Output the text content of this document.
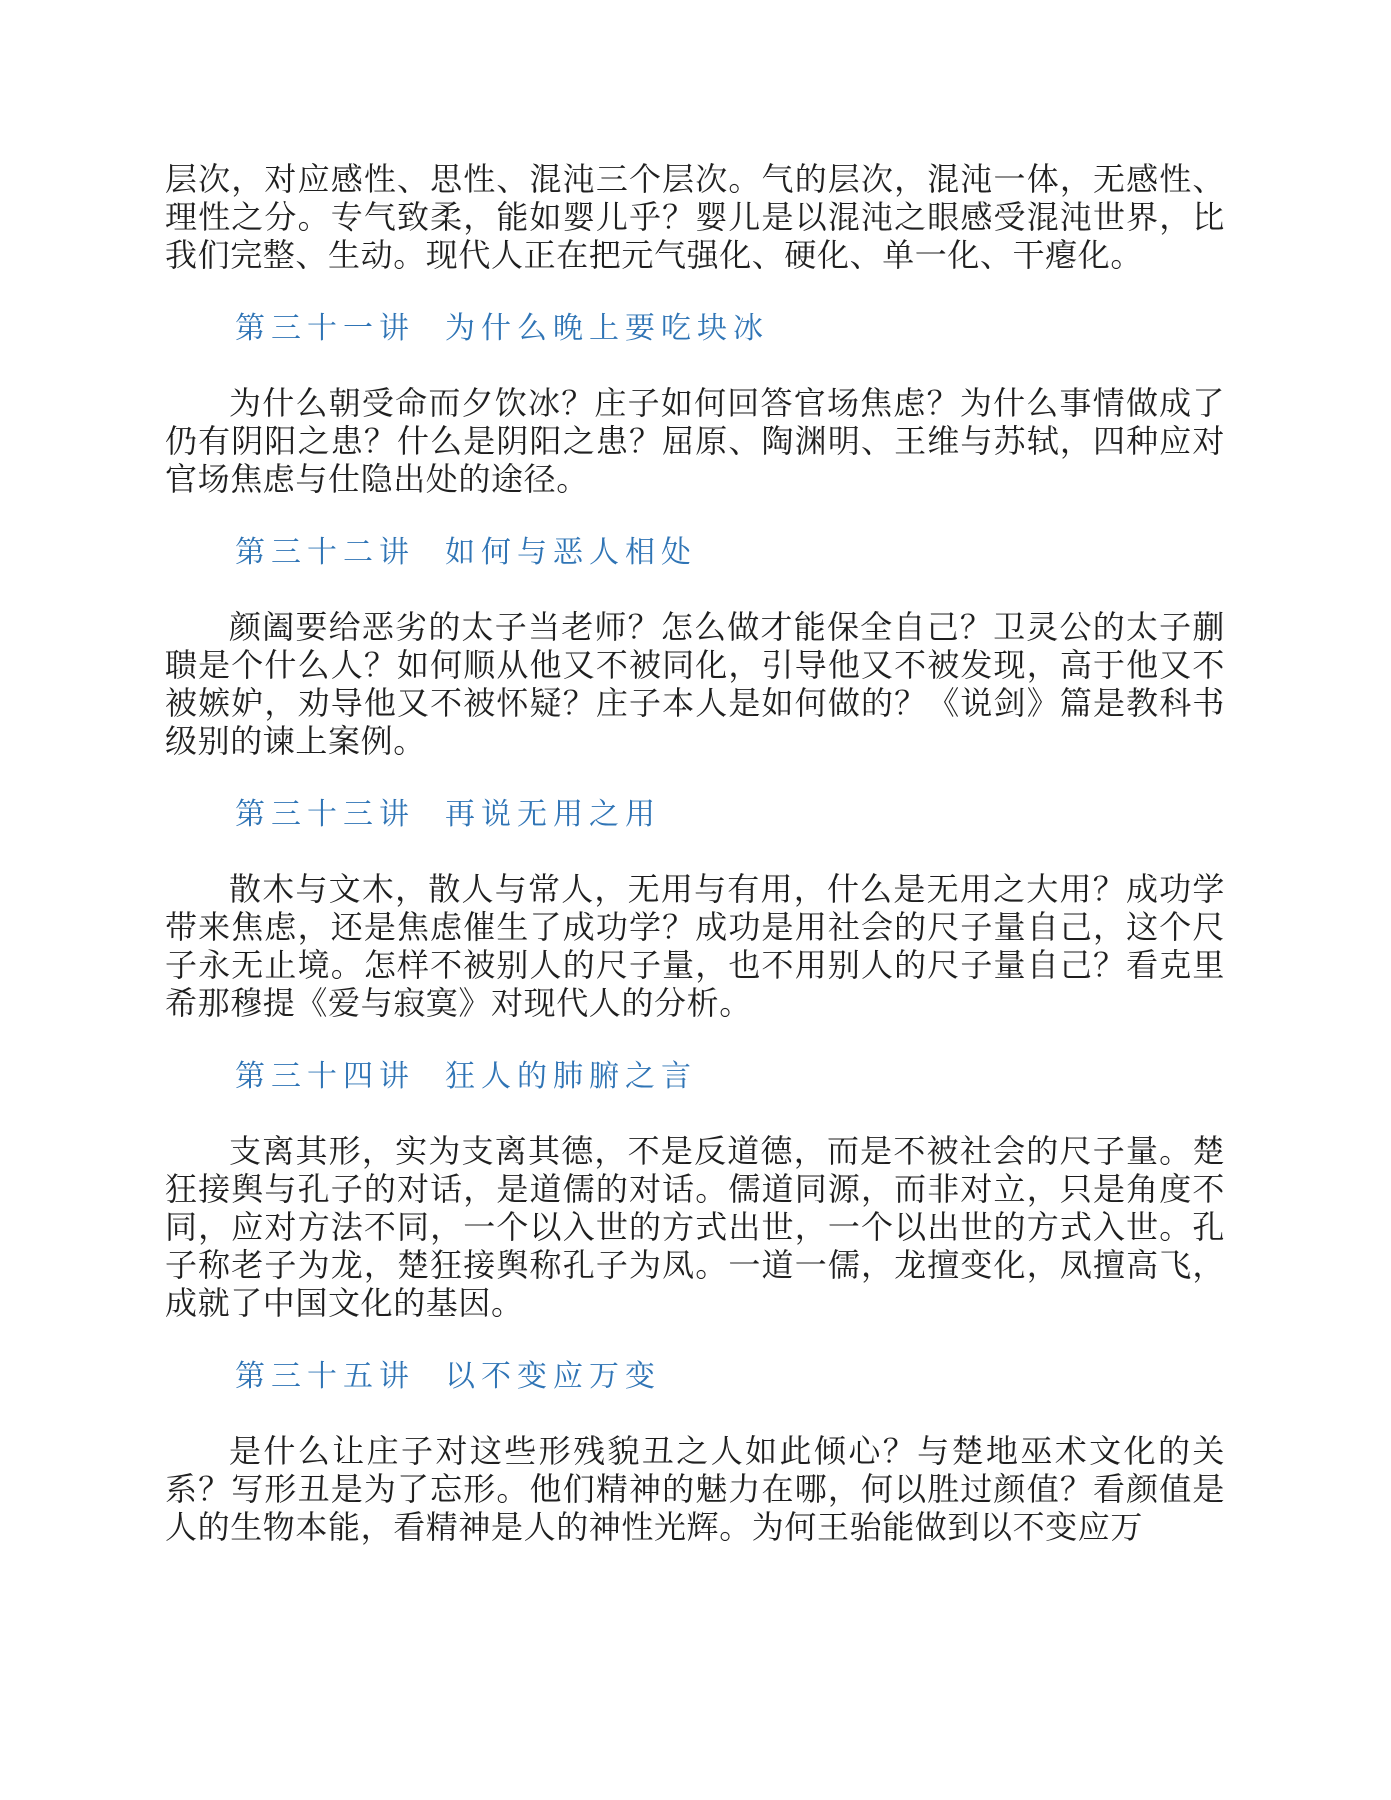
层次，对应感性、思性、混沌三个层次。气的层次，混沌一体，无感性、理性之分。专气致柔，能如婴儿乎？婴儿是以混沌之眼感受混沌世界，比我们完整、生动。现代人正在把元气强化、硬化、单一化、干瘪化。

第三十一讲 为什么晚上要吃块冰

为什么朝受命而夕饮冰？庄子如何回答官场焦虑？为什么事情做成了仍有阴阳之患？什么是阴阳之患？屈原、陶渊明、王维与苏轼，四种应对官场焦虑与仕隐出处的途径。

第三十二讲 如何与恶人相处

颜阖要给恶劣的太子当老师？怎么做才能保全自己？卫灵公的太子蒯聩是个什么人？如何顺从他又不被同化，引导他又不被发现，高于他又不被嫉妒，劝导他又不被怀疑？庄子本人是如何做的？《说剑》篇是教科书级别的谏上案例。

第三十三讲 再说无用之用

散木与文木，散人与常人，无用与有用，什么是无用之大用？成功学带来焦虑，还是焦虑催生了成功学？成功是用社会的尺子量自己，这个尺子永无止境。怎样不被别人的尺子量，也不用别人的尺子量自己？看克里希那穆提《爱与寂寞》对现代人的分析。

第三十四讲 狂人的肺腑之言

支离其形，实为支离其德，不是反道德，而是不被社会的尺子量。楚狂接舆与孔子的对话，是道儒的对话。儒道同源，而非对立，只是角度不同，应对方法不同，一个以入世的方式出世，一个以出世的方式入世。孔子称老子为龙，楚狂接舆称孔子为凤。一道一儒，龙擅变化，凤擅高飞，成就了中国文化的基因。

第三十五讲 以不变应万变

是什么让庄子对这些形残貌丑之人如此倾心？与楚地巫术文化的关系？写形丑是为了忘形。他们精神的魅力在哪，何以胜过颜值？看颜值是人的生物本能，看精神是人的神性光辉。为何王骀能做到以不变应万
